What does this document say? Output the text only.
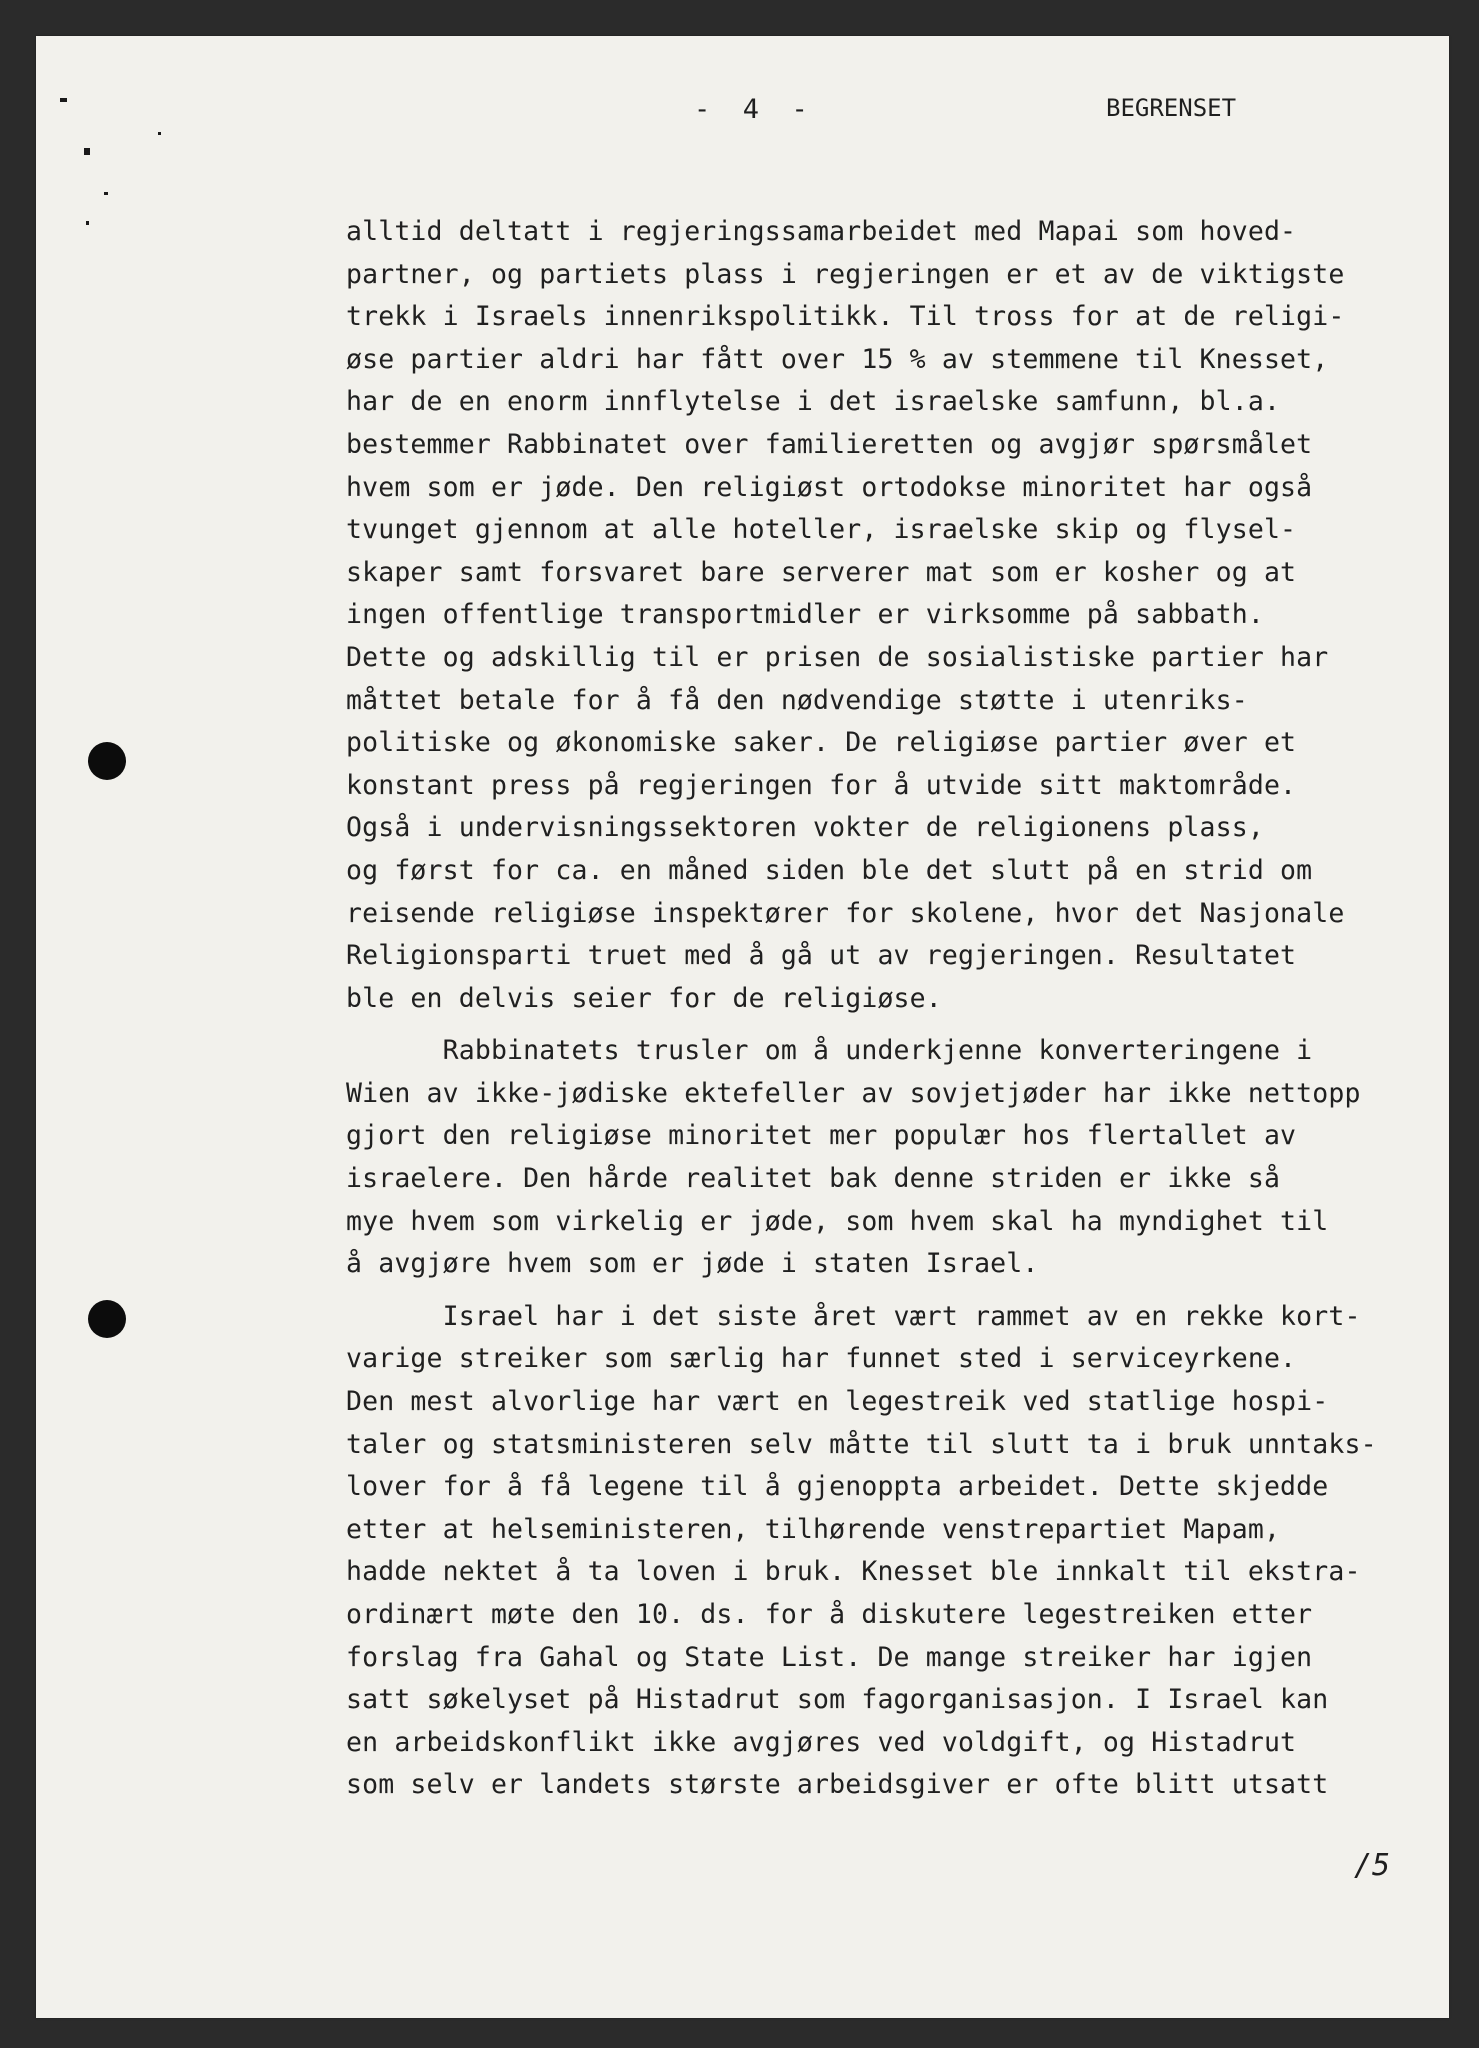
-  4  -	BEGRENSET
alltid deltatt i regjeringssamarbeidet med Mapai som hoved-
partner, og partiets plass i regjeringen er et av de viktigste
trekk i Israels innenrikspolitikk. Til tross for at de religi-
øse partier aldri har fått over 15 % av stemmene til Knesset,
har de en enorm innflytelse i det israelske samfunn, bl.a.
bestemmer Rabbinatet over familieretten og avgjør spørsmålet
hvem som er jøde. Den religiøst ortodokse minoritet har også
tvunget gjennom at alle hoteller, israelske skip og flysel-
skaper samt forsvaret bare serverer mat som er kosher og at
ingen offentlige transportmidler er virksomme på sabbath.
Dette og adskillig til er prisen de sosialistiske partier har
måttet betale for å få den nødvendige støtte i utenriks-
politiske og økonomiske saker. De religiøse partier øver et
konstant press på regjeringen for å utvide sitt maktområde.
Også i undervisningssektoren vokter de religionens plass,
og først for ca. en måned siden ble det slutt på en strid om
reisende religiøse inspektører for skolene, hvor det Nasjonale
Religionsparti truet med å gå ut av regjeringen. Resultatet
ble en delvis seier for de religiøse.
Rabbinatets trusler om å underkjenne konverteringene i
Wien av ikke-jødiske ektefeller av sovjetjøder har ikke nettopp
gjort den religiøse minoritet mer populær hos flertallet av
israelere. Den hårde realitet bak denne striden er ikke så
mye hvem som virkelig er jøde, som hvem skal ha myndighet til
å avgjøre hvem som er jøde i staten Israel.
Israel har i det siste året vært rammet av en rekke kort-
varige streiker som særlig har funnet sted i serviceyrkene.
Den mest alvorlige har vært en legestreik ved statlige hospi-
taler og statsministeren selv måtte til slutt ta i bruk unntaks-
lover for å få legene til å gjenoppta arbeidet. Dette skjedde
etter at helseministeren, tilhørende venstrepartiet Mapam,
hadde nektet å ta loven i bruk. Knesset ble innkalt til ekstra-
ordinært møte den 10. ds. for å diskutere legestreiken etter
forslag fra Gahal og State List. De mange streiker har igjen
satt søkelyset på Histadrut som fagorganisasjon. I Israel kan
en arbeidskonflikt ikke avgjøres ved voldgift, og Histadrut
som selv er landets største arbeidsgiver er ofte blitt utsatt
/5
